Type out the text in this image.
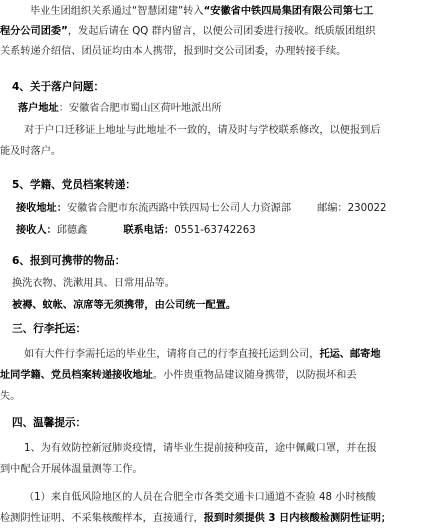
毕业生团组织关系通过“智慧团建”转入“安徽省中铁四局集团有限公司第七工
程分公司团委”，发起后请在 QQ 群内留言，以便公司团委进行接收。纸质版团组织
关系转递介绍信、团员证均由本人携带，报到时交公司团委，办理转接手续。
4、关于落户问题：
落户地址：安徽省合肥市蜀山区荷叶地派出所
对于户口迁移证上地址与此地址不一致的，请及时与学校联系修改，以便报到后
能及时落户。
5、学籍、党员档案转递：
接收地址：安徽省合肥市东流西路中铁四局七公司人力资源部	邮编：230022
接收人：邱德鑫	联系电话：0551-63742263
6、报到可携带的物品：
换洗衣物、洗漱用具、日常用品等。
被褥、蚊帐、凉席等无须携带，由公司统一配置。
三、行李托运：
如有大件行李需托运的毕业生，请将自己的行李直接托运到公司，托运、邮寄地
址同学籍、党员档案转递接收地址。小件贵重物品建议随身携带，以防损坏和丢
失。
四、温馨提示：
1、为有效防控新冠肺炎疫情，请毕业生提前接种疫苗，途中佩戴口罩，并在报
到中配合开展体温量测等工作。
（1）来自低风险地区的人员在合肥全市各类交通卡口通道不查验 48 小时核酸
检测阴性证明、不采集核酸样本，直接通行，报到时须提供 3 日内核酸检测阴性证明；
